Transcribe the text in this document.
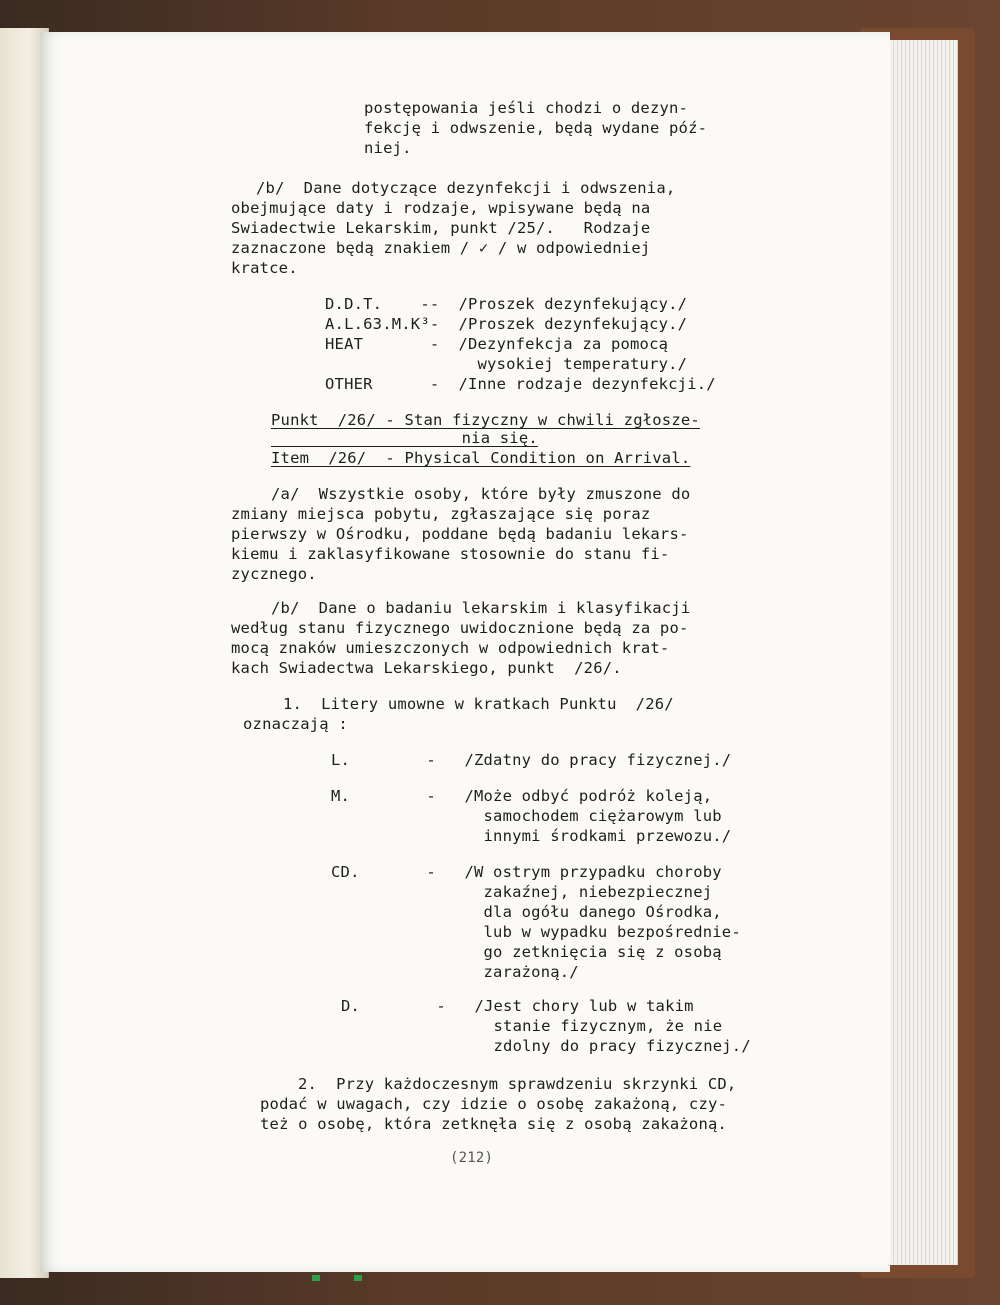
postępowania jeśli chodzi o dezyn-
fekcję i odwszenie, będą wydane póź-
niej.
/b/  Dane dotyczące dezynfekcji i odwszenia,
obejmujące daty i rodzaje, wpisywane będą na
Swiadectwie Lekarskim, punkt /25/.   Rodzaje
zaznaczone będą znakiem / ✓ / w odpowiedniej
kratce.
D.D.T.    --  /Proszek dezynfekujący./
A.L.63.M.K³-  /Proszek dezynfekujący./
HEAT       -  /Dezynfekcja za pomocą
wysokiej temperatury./
OTHER      -  /Inne rodzaje dezynfekcji./
Punkt  /26/ - Stan fizyczny w chwili zgłosze-
nia się.
Item  /26/  - Physical Condition on Arrival.
/a/  Wszystkie osoby, które były zmuszone do
zmiany miejsca pobytu, zgłaszające się poraz
pierwszy w Ośrodku, poddane będą badaniu lekars-
kiemu i zaklasyfikowane stosownie do stanu fi-
zycznego.
/b/  Dane o badaniu lekarskim i klasyfikacji
według stanu fizycznego uwidocznione będą za po-
mocą znaków umieszczonych w odpowiednich krat-
kach Swiadectwa Lekarskiego, punkt  /26/.
1.  Litery umowne w kratkach Punktu  /26/
oznaczają :
L.        -   /Zdatny do pracy fizycznej./
M.        -   /Może odbyć podróż koleją,
samochodem ciężarowym lub
innymi środkami przewozu./
CD.       -   /W ostrym przypadku choroby
zakaźnej, niebezpiecznej
dla ogółu danego Ośrodka,
lub w wypadku bezpośrednie-
go zetknięcia się z osobą
zarażoną./
D.        -   /Jest chory lub w takim
stanie fizycznym, że nie
zdolny do pracy fizycznej./
2.  Przy każdoczesnym sprawdzeniu skrzynki CD,
podać w uwagach, czy idzie o osobę zakażoną, czy-
też o osobę, która zetknęła się z osobą zakażoną.
(212)
